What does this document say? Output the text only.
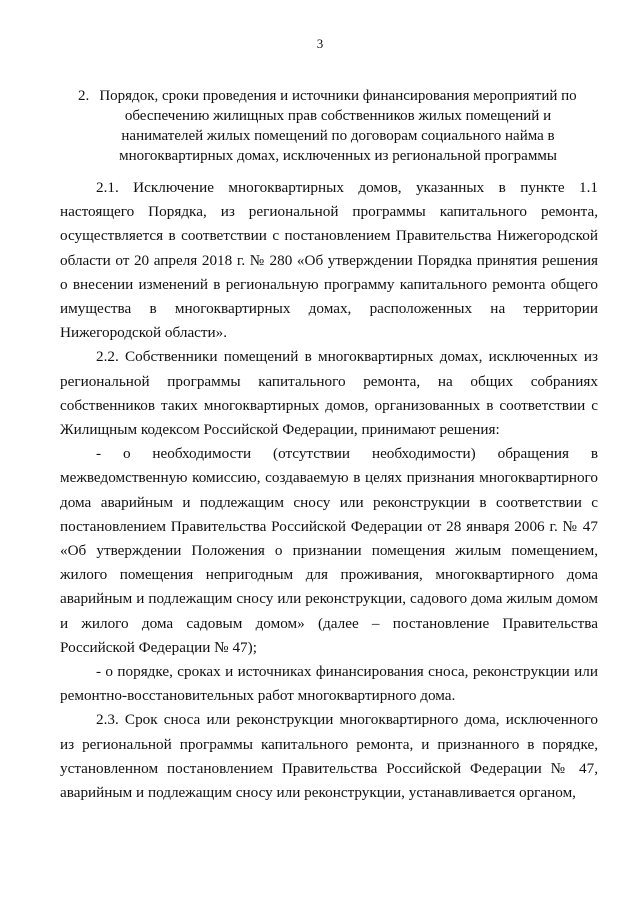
3
2. Порядок, сроки проведения и источники финансирования мероприятий по обеспечению жилищных прав собственников жилых помещений и нанимателей жилых помещений по договорам социального найма в многоквартирных домах, исключенных из региональной программы

2.1. Исключение многоквартирных домов, указанных в пункте 1.1 настоящего Порядка, из региональной программы капитального ремонта, осуществляется в соответствии с постановлением Правительства Нижегородской области от 20 апреля 2018 г. № 280 «Об утверждении Порядка принятия решения о внесении изменений в региональную программу капитального ремонта общего имущества в многоквартирных домах, расположенных на территории Нижегородской области».

2.2. Собственники помещений в многоквартирных домах, исключенных из региональной программы капитального ремонта, на общих собраниях собственников таких многоквартирных домов, организованных в соответствии с Жилищным кодексом Российской Федерации, принимают решения:

- о необходимости (отсутствии необходимости) обращения в межведомственную комиссию, создаваемую в целях признания многоквартирного дома аварийным и подлежащим сносу или реконструкции в соответствии с постановлением Правительства Российской Федерации от 28 января 2006 г. № 47 «Об утверждении Положения о признании помещения жилым помещением, жилого помещения непригодным для проживания, многоквартирного дома аварийным и подлежащим сносу или реконструкции, садового дома жилым домом и жилого дома садовым домом» (далее – постановление Правительства Российской Федерации № 47);

- о порядке, сроках и источниках финансирования сноса, реконструкции или ремонтно-восстановительных работ многоквартирного дома.

2.3. Срок сноса или реконструкции многоквартирного дома, исключенного из региональной программы капитального ремонта, и признанного в порядке, установленном постановлением Правительства Российской Федерации № 47, аварийным и подлежащим сносу или реконструкции, устанавливается органом,
